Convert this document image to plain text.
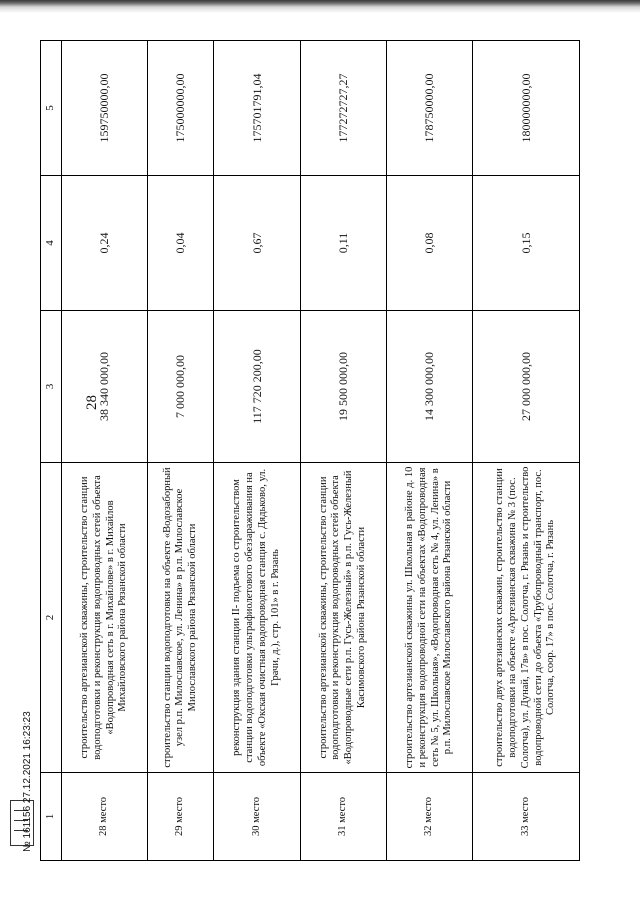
28
1	2	3	4	5
28 место	строительство артезианской скважины, строительство станции водоподготовки и реконструкция водопроводных сетей объекта «Водопроводная сеть в г. Михайлове» в г. Михайлов Михайловского района Рязанской области	38 340 000,00	0,24	159750000,00
29 место	строительство станции водоподготовки на объекте «Водозаборный узел р.п. Милославское, ул. Ленина» в р.п. Милославское Милославского района Рязанской области	7 000 000,00	0,04	175000000,00
30 место	реконструкция здания станции II- подъема со строительством станции водоподготовки ультрафиолетового обеззараживания на объекте «Окская очистная водопроводная станция с. Дядьково, ул. Грачи, д.), стр. 101» в г. Рязань	117 720 200,00	0,67	175701791,04
31 место	строительство артезианской скважины, строительство станции водоподготовки и реконструкция водопроводных сетей объекта «Водопроводные сети р.п. Гусь-Железный» в р.п. Гусь-Железный Касимовского района Рязанской области	19 500 000,00	0,11	177272727,27
32 место	строительство артезианской скважины ул. Школьная в районе д. 10 и реконструкция водопроводной сети на объектах «Водопроводная сеть № 5, ул. Школьная», «Водопроводная сеть № 4, ул. Ленина» в р.п. Милославское Милославского района Рязанской области	14 300 000,00	0,08	178750000,00
33 место	строительство двух артезианских скважин, строительство станции водоподготовки на объекте «Артезианская скважина № 3 (пос. Солотча), ул. Дунай, 17в» в пос. Солотча, г. Рязань и строительство водопроводной сети до объекта «Трубопроводный транспорт, пос. Солотча, соор. 17» в пос. Солотча, г. Рязань	27 000 000,00	0,15	180000000,00
№ 161156 27.12.2021 16:23:23
